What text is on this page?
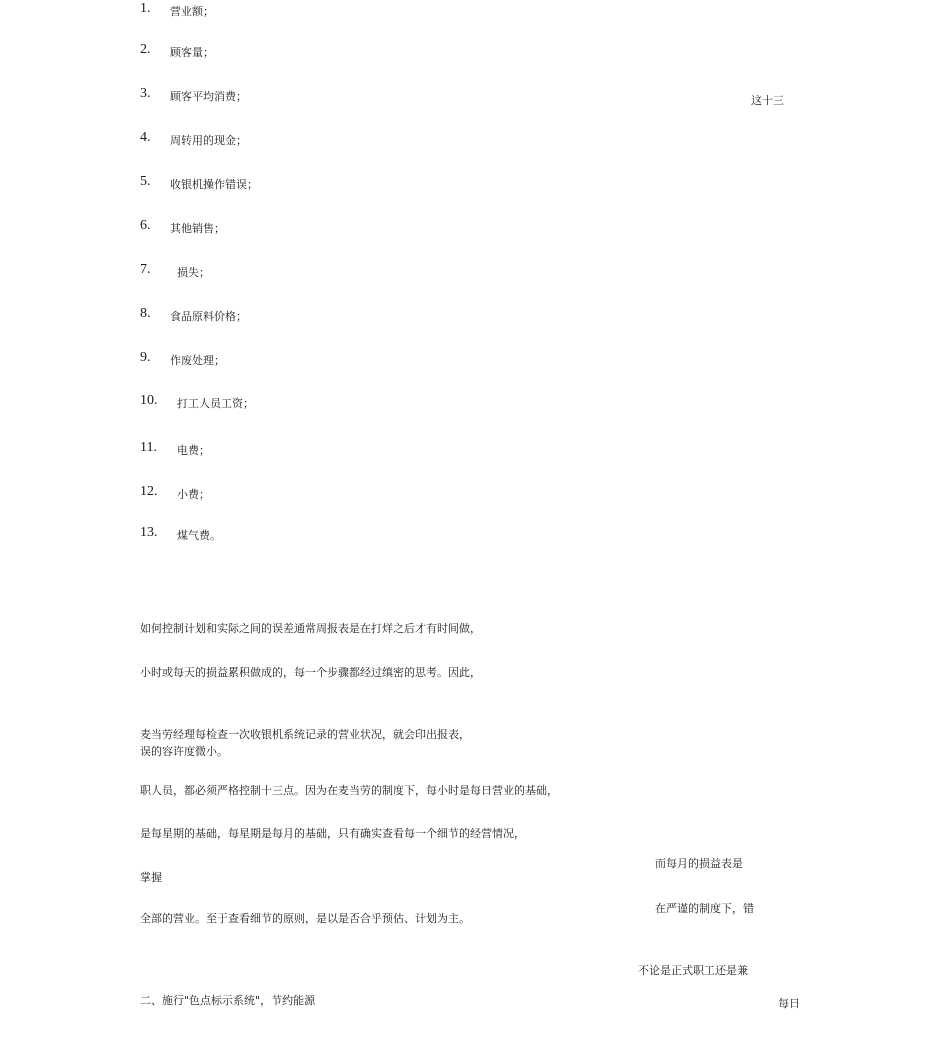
1. 营业额；
2. 顾客量；
3. 顾客平均消费；
4. 周转用的现金；
5. 收银机操作错误；
6. 其他销售；
7. 损失；
8. 食品原料价格；
9. 作废处理；
10. 打工人员工资；
11. 电费；
12. 小费；
13. 煤气费。
这十三
如何控制计划和实际之间的误差通常周报表是在打烊之后才有时间做，
小时或每天的损益累积做成的，每一个步骤都经过缜密的思考。因此，
麦当劳经理每检查一次收银机系统记录的营业状况，就会印出报表，
误的容许度微小。
职人员，都必须严格控制十三点。因为在麦当劳的制度下，每小时是每日营业的基础，
是每星期的基础，每星期是每月的基础，只有确实查看每一个细节的经营情况，
而每月的损益表是
掌握
在严谨的制度下，错
全部的营业。至于查看细节的原则，是以是否合乎预估、计划为主。
不论是正式职工还是兼
二、施行"色点标示系统"，节约能源	每日
